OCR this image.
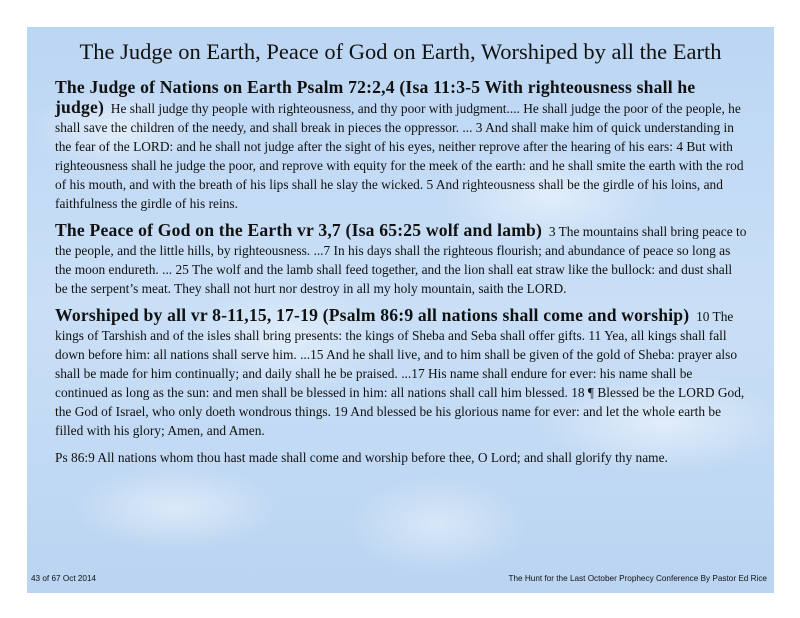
The Judge on Earth, Peace of God on Earth, Worshiped by all the Earth

The Judge of Nations on Earth Psalm 72:2,4 (Isa 11:3-5 With righteousness shall he judge) He shall judge thy people with righteousness, and thy poor with judgment.... He shall judge the poor of the people, he shall save the children of the needy, and shall break in pieces the oppressor. ... 3 And shall make him of quick understanding in the fear of the LORD: and he shall not judge after the sight of his eyes, neither reprove after the hearing of his ears: 4 But with righteousness shall he judge the poor, and reprove with equity for the meek of the earth: and he shall smite the earth with the rod of his mouth, and with the breath of his lips shall he slay the wicked. 5 And righteousness shall be the girdle of his loins, and faithfulness the girdle of his reins.

The Peace of God on the Earth vr 3,7 (Isa 65:25 wolf and lamb) 3 The mountains shall bring peace to the people, and the little hills, by righteousness. ...7 In his days shall the righteous flourish; and abundance of peace so long as the moon endureth. ... 25 The wolf and the lamb shall feed together, and the lion shall eat straw like the bullock: and dust shall be the serpent’s meat. They shall not hurt nor destroy in all my holy mountain, saith the LORD.

Worshiped by all vr 8-11,15, 17-19 (Psalm 86:9 all nations shall come and worship) 10 The kings of Tarshish and of the isles shall bring presents: the kings of Sheba and Seba shall offer gifts. 11 Yea, all kings shall fall down before him: all nations shall serve him. ...15 And he shall live, and to him shall be given of the gold of Sheba: prayer also shall be made for him continually; and daily shall he be praised. ...17 His name shall endure for ever: his name shall be continued as long as the sun: and men shall be blessed in him: all nations shall call him blessed. 18 ¶ Blessed be the LORD God, the God of Israel, who only doeth wondrous things. 19 And blessed be his glorious name for ever: and let the whole earth be filled with his glory; Amen, and Amen.

Ps 86:9 All nations whom thou hast made shall come and worship before thee, O Lord; and shall glorify thy name.

43 of 67 Oct 2014	The Hunt for the Last October Prophecy Conference By Pastor Ed Rice
